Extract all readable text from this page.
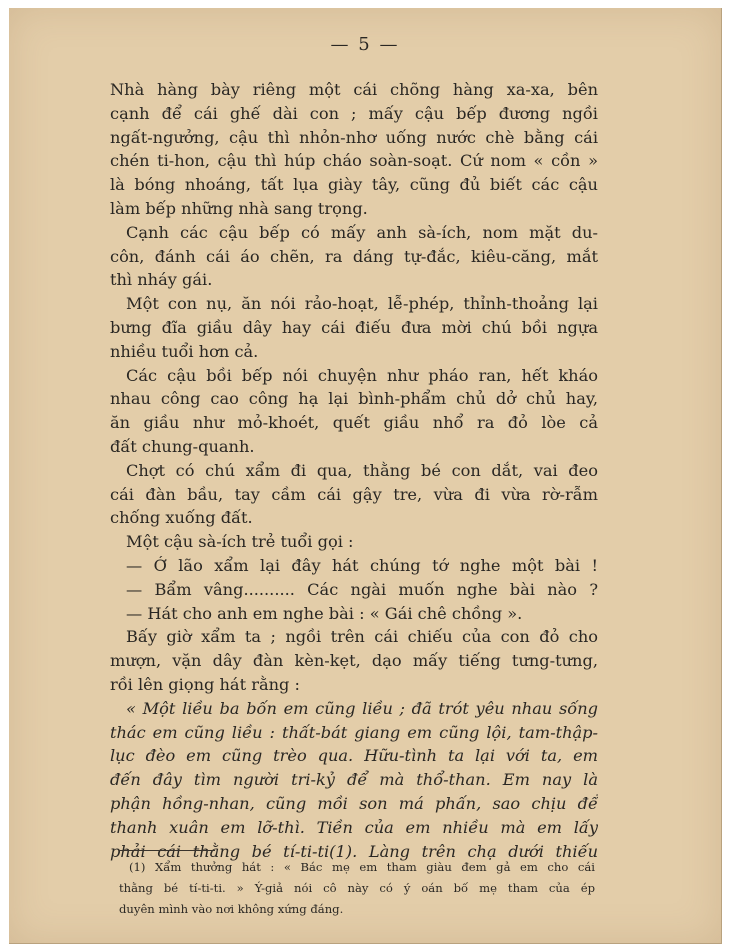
— 5 —
Nhà hàng bày riêng một cái chõng hàng xa-xa, bên
cạnh để cái ghế dài con ; mấy cậu bếp đương ngồi
ngất-ngưởng, cậu thì nhỏn-nhơ uống nước chè bằng cái
chén ti-hon, cậu thì húp cháo soàn-soạt. Cứ nom « cồn »
là bóng nhoáng, tất lụa giày tây, cũng đủ biết các cậu
làm bếp những nhà sang trọng.
Cạnh các cậu bếp có mấy anh sà-ích, nom mặt du-
côn, đánh cái áo chẽn, ra dáng tự-đắc, kiêu-căng, mắt
thì nháy gái.
Một con nụ, ăn nói rảo-hoạt, lễ-phép, thỉnh-thoảng lại
bưng đĩa giầu dây hay cái điếu đưa mời chú bồi ngựa
nhiều tuổi hơn cả.
Các cậu bồi bếp nói chuyện như pháo ran, hết kháo
nhau công cao công hạ lại bình-phẩm chủ dở chủ hay,
ăn giầu như mỏ-khoét, quết giầu nhổ ra đỏ lòe cả
đất chung-quanh.
Chợt có chú xẩm đi qua, thằng bé con dắt, vai đeo
cái đàn bầu, tay cầm cái gậy tre, vừa đi vừa rờ-rẫm
chống xuống đất.
Một cậu sà-ích trẻ tuổi gọi :
— Ớ lão xẩm lại đây hát chúng tớ nghe một bài !
— Bẩm vâng.......... Các ngài muốn nghe bài nào ?
— Hát cho anh em nghe bài : « Gái chê chồng ».
Bấy giờ xẩm ta ; ngồi trên cái chiếu của con đỏ cho
mượn, vặn dây đàn kèn-kẹt, dạo mấy tiếng tưng-tưng,
rồi lên giọng hát rằng :
« Một liều ba bốn em cũng liều ; đã trót yêu nhau sống
thác em cũng liều : thất-bát giang em cũng lội, tam-thập-
lục đèo em cũng trèo qua. Hữu-tình ta lại với ta, em
đến đây tìm người tri-kỷ để mà thổ-than. Em nay là
phận hồng-nhan, cũng mồi son má phấn, sao chịu để
thanh xuân em lỡ-thì. Tiền của em nhiều mà em lấy
phải cái thằng bé tí-ti-ti(1). Làng trên chạ dưới thiếu
(1) Xẩm thưởng hát : « Bác mẹ em tham giàu đem gả em cho cái
thằng bé tí-ti-ti. » Ý-giả nói cô này có ý oán bố mẹ tham của ép
duyên mình vào nơi không xứng đáng.
